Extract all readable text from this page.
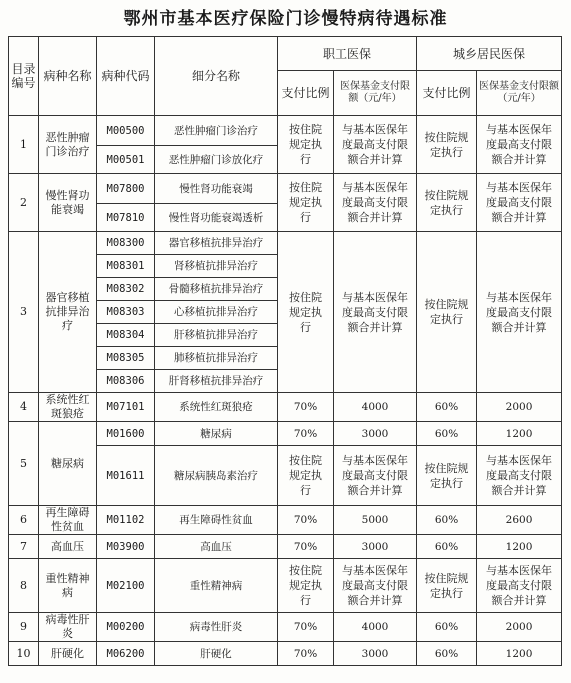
鄂州市基本医疗保险门诊慢特病待遇标准
目录编号	病种名称	病种代码	细分名称	职工医保		城乡居民医保	
				支付比例	医保基金支付限额（元/年）	支付比例	医保基金支付限额（元/年）
1	恶性肿瘤门诊治疗	M00500	恶性肿瘤门诊治疗	按住院规定执行	与基本医保年度最高支付限额合并计算	按住院规定执行	与基本医保年度最高支付限额合并计算
		M00501	恶性肿瘤门诊放化疗				
2	慢性肾功能衰竭	M07800	慢性肾功能衰竭	按住院规定执行	与基本医保年度最高支付限额合并计算	按住院规定执行	与基本医保年度最高支付限额合并计算
		M07810	慢性肾功能衰竭透析				
3	器官移植抗排异治疗	M08300	器官移植抗排异治疗	按住院规定执行	与基本医保年度最高支付限额合并计算	按住院规定执行	与基本医保年度最高支付限额合并计算
		M08301	肾移植抗排异治疗				
		M08302	骨髓移植抗排异治疗				
		M08303	心移植抗排异治疗				
		M08304	肝移植抗排异治疗				
		M08305	肺移植抗排异治疗				
		M08306	肝肾移植抗排异治疗				
4	系统性红斑狼疮	M07101	系统性红斑狼疮	70%	4000	60%	2000
5	糖尿病	M01600	糖尿病	70%	3000	60%	1200
		M01611	糖尿病胰岛素治疗	按住院规定执行	与基本医保年度最高支付限额合并计算	按住院规定执行	与基本医保年度最高支付限额合并计算
6	再生障碍性贫血	M01102	再生障碍性贫血	70%	5000	60%	2600
7	高血压	M03900	高血压	70%	3000	60%	1200
8	重性精神病	M02100	重性精神病	按住院规定执行	与基本医保年度最高支付限额合并计算	按住院规定执行	与基本医保年度最高支付限额合并计算
9	病毒性肝炎	M00200	病毒性肝炎	70%	4000	60%	2000
10	肝硬化	M06200	肝硬化	70%	3000	60%	1200
